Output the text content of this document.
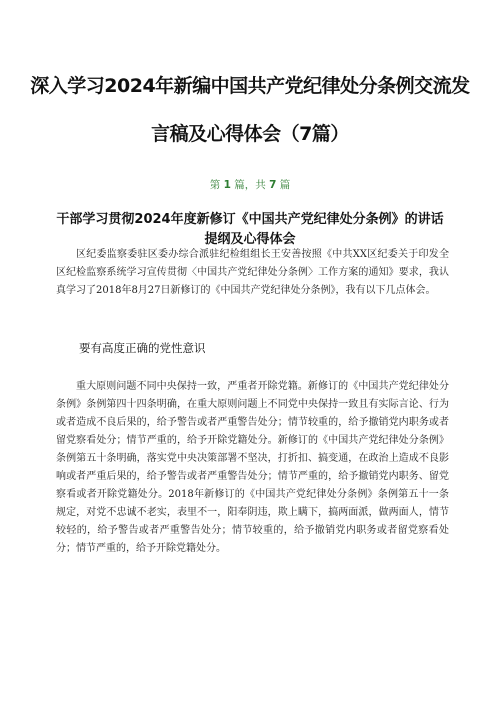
深入学习2024年新编中国共产党纪律处分条例交流发
言稿及心得体会（7篇）
第 1 篇，共 7 篇
干部学习贯彻2024年度新修订《中国共产党纪律处分条例》的讲话提纲及心得体会

区纪委监察委驻区委办综合派驻纪检组组长王安善按照《中共XX区纪委关于印发全区纪检监察系统学习宣传贯彻〈中国共产党纪律处分条例〉工作方案的通知》要求，我认真学习了2018年8月27日新修订的《中国共产党纪律处分条例》，我有以下几点体会。

要有高度正确的党性意识

重大原则问题不同中央保持一致，严重者开除党籍。新修订的《中国共产党纪律处分条例》条例第四十四条明确，在重大原则问题上不同党中央保持一致且有实际言论、行为或者造成不良后果的，给予警告或者严重警告处分；情节较重的，给予撤销党内职务或者留党察看处分；情节严重的，给予开除党籍处分。新修订的《中国共产党纪律处分条例》条例第五十条明确，落实党中央决策部署不坚决，打折扣、搞变通，在政治上造成不良影响或者严重后果的，给予警告或者严重警告处分；情节严重的，给予撤销党内职务、留党察看或者开除党籍处分。2018年新修订的《中国共产党纪律处分条例》条例第五十一条规定，对党不忠诚不老实，表里不一，阳奉阴违，欺上瞒下，搞两面派，做两面人，情节较轻的，给予警告或者严重警告处分；情节较重的，给予撤销党内职务或者留党察看处分；情节严重的，给予开除党籍处分。
